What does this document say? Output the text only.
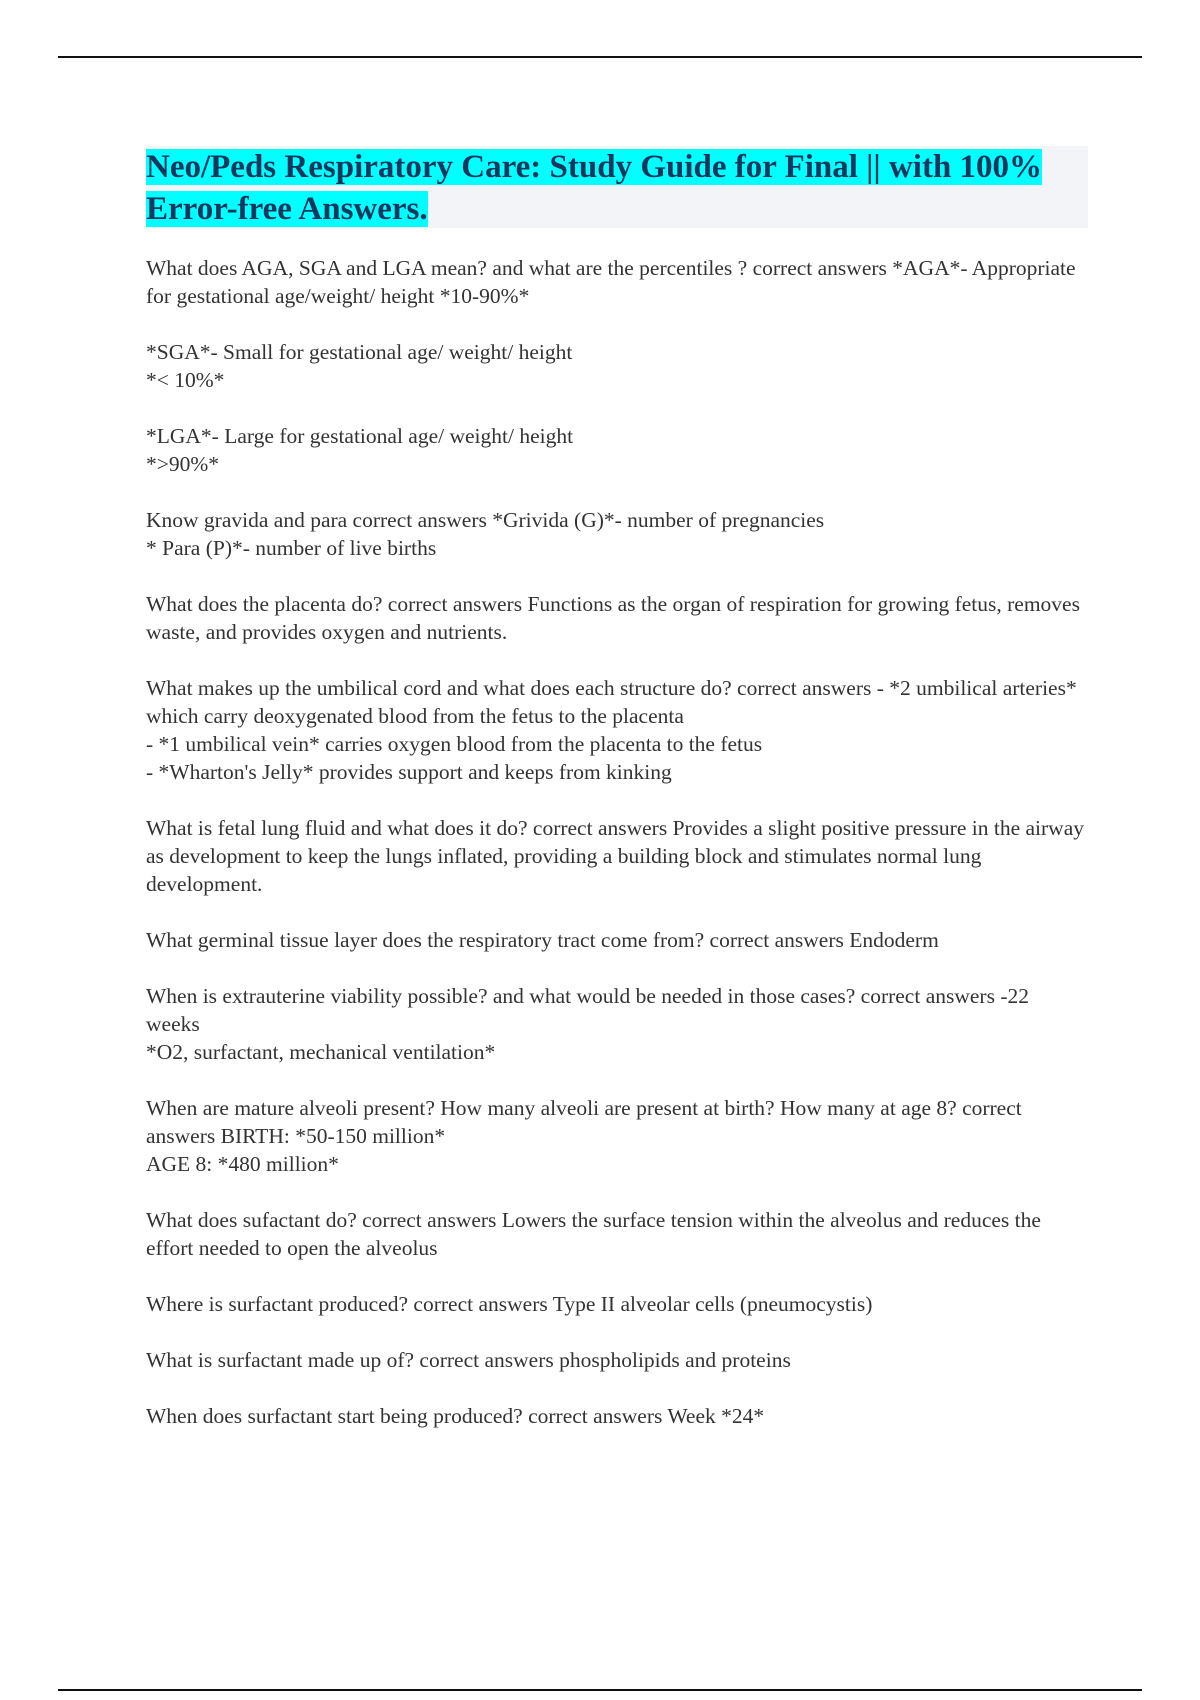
Neo/Peds Respiratory Care: Study Guide for Final || with 100% Error-free Answers.

What does AGA, SGA and LGA mean? and what are the percentiles ? correct answers *AGA*- Appropriate for gestational age/weight/ height *10-90%*

*SGA*- Small for gestational age/ weight/ height
*< 10%*

*LGA*- Large for gestational age/ weight/ height
*>90%*

Know gravida and para correct answers *Grivida (G)*- number of pregnancies
* Para (P)*- number of live births

What does the placenta do? correct answers Functions as the organ of respiration for growing fetus, removes waste, and provides oxygen and nutrients.

What makes up the umbilical cord and what does each structure do? correct answers - *2 umbilical arteries* which carry deoxygenated blood from the fetus to the placenta
- *1 umbilical vein* carries oxygen blood from the placenta to the fetus
- *Wharton's Jelly* provides support and keeps from kinking

What is fetal lung fluid and what does it do? correct answers Provides a slight positive pressure in the airway as development to keep the lungs inflated, providing a building block and stimulates normal lung development.

What germinal tissue layer does the respiratory tract come from? correct answers Endoderm

When is extrauterine viability possible? and what would be needed in those cases? correct answers -22 weeks
*O2, surfactant, mechanical ventilation*

When are mature alveoli present? How many alveoli are present at birth? How many at age 8? correct answers BIRTH: *50-150 million*
AGE 8: *480 million*

What does sufactant do? correct answers Lowers the surface tension within the alveolus and reduces the effort needed to open the alveolus

Where is surfactant produced? correct answers Type II alveolar cells (pneumocystis)

What is surfactant made up of? correct answers phospholipids and proteins

When does surfactant start being produced? correct answers Week *24*
